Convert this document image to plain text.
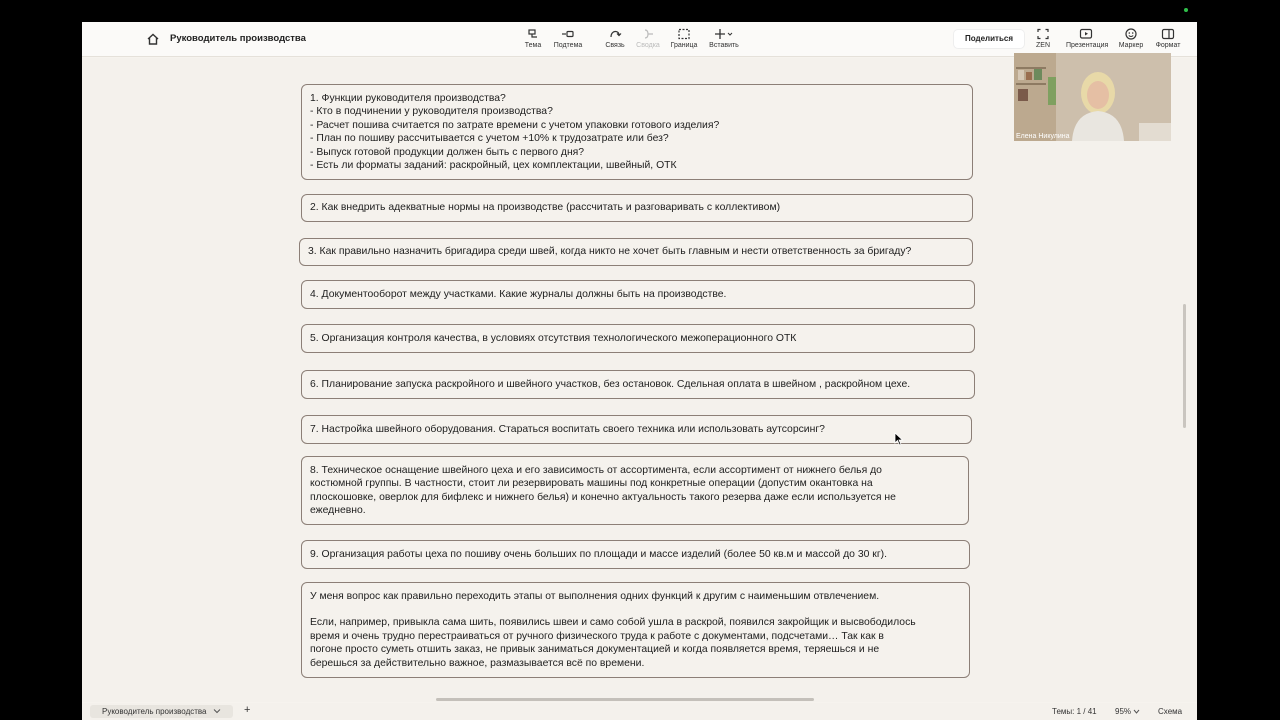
Руководитель производства
Тема	Подтема	Связь	Сводка	Граница	Вставить
Поделиться
ZEN	Презентация	Маркер	Формат
1. Функции руководителя производства?
- Кто в подчинении у руководителя производства?
- Расчет пошива считается по затрате времени с учетом упаковки готового изделия?
- План по пошиву рассчитывается с учетом +10% к трудозатрате или без?
- Выпуск готовой продукции должен быть с первого дня?
- Есть ли форматы заданий: раскройный, цех комплектации, швейный, ОТК
2. Как внедрить адекватные нормы на производстве (рассчитать и разговаривать с коллективом)
3. Как правильно назначить бригадира среди швей, когда никто не хочет быть главным и нести ответственность за бригаду?
4. Документооборот между участками. Какие журналы должны быть на производстве.
5. Организация контроля качества, в условиях отсутствия технологического межоперационного ОТК
6. Планирование запуска раскройного и швейного участков, без остановок. Сдельная оплата в швейном , раскройном цехе.
7. Настройка швейного оборудования. Стараться воспитать своего техника или использовать аутсорсинг?
8. Техническое оснащение швейного цеха и его зависимость от ассортимента, если ассортимент от нижнего белья до
костюмной группы. В частности, стоит ли резервировать машины под конкретные операции (допустим окантовка на
плоскошовке, оверлок для бифлекс и нижнего белья) и конечно актуальность такого резерва даже если используется не
ежедневно.
9. Организация работы цеха по пошиву очень больших по площади и массе изделий (более 50 кв.м и массой до 30 кг).
У меня вопрос как правильно переходить этапы от выполнения одних функций к другим с наименьшим отвлечением.
Если, например, привыкла сама шить, появились швеи и само собой ушла в раскрой, появился закройщик и высвободилось
время и очень трудно перестраиваться от ручного физического труда к работе с документами, подсчетами… Так как в
погоне просто суметь отшить заказ, не привык заниматься документацией и когда появляется время, теряешься и не
берешься за действительно важное, размазывается всё по времени.
Елена Никулина
Руководитель производства	+	Темы: 1 / 41 95%	Схема
